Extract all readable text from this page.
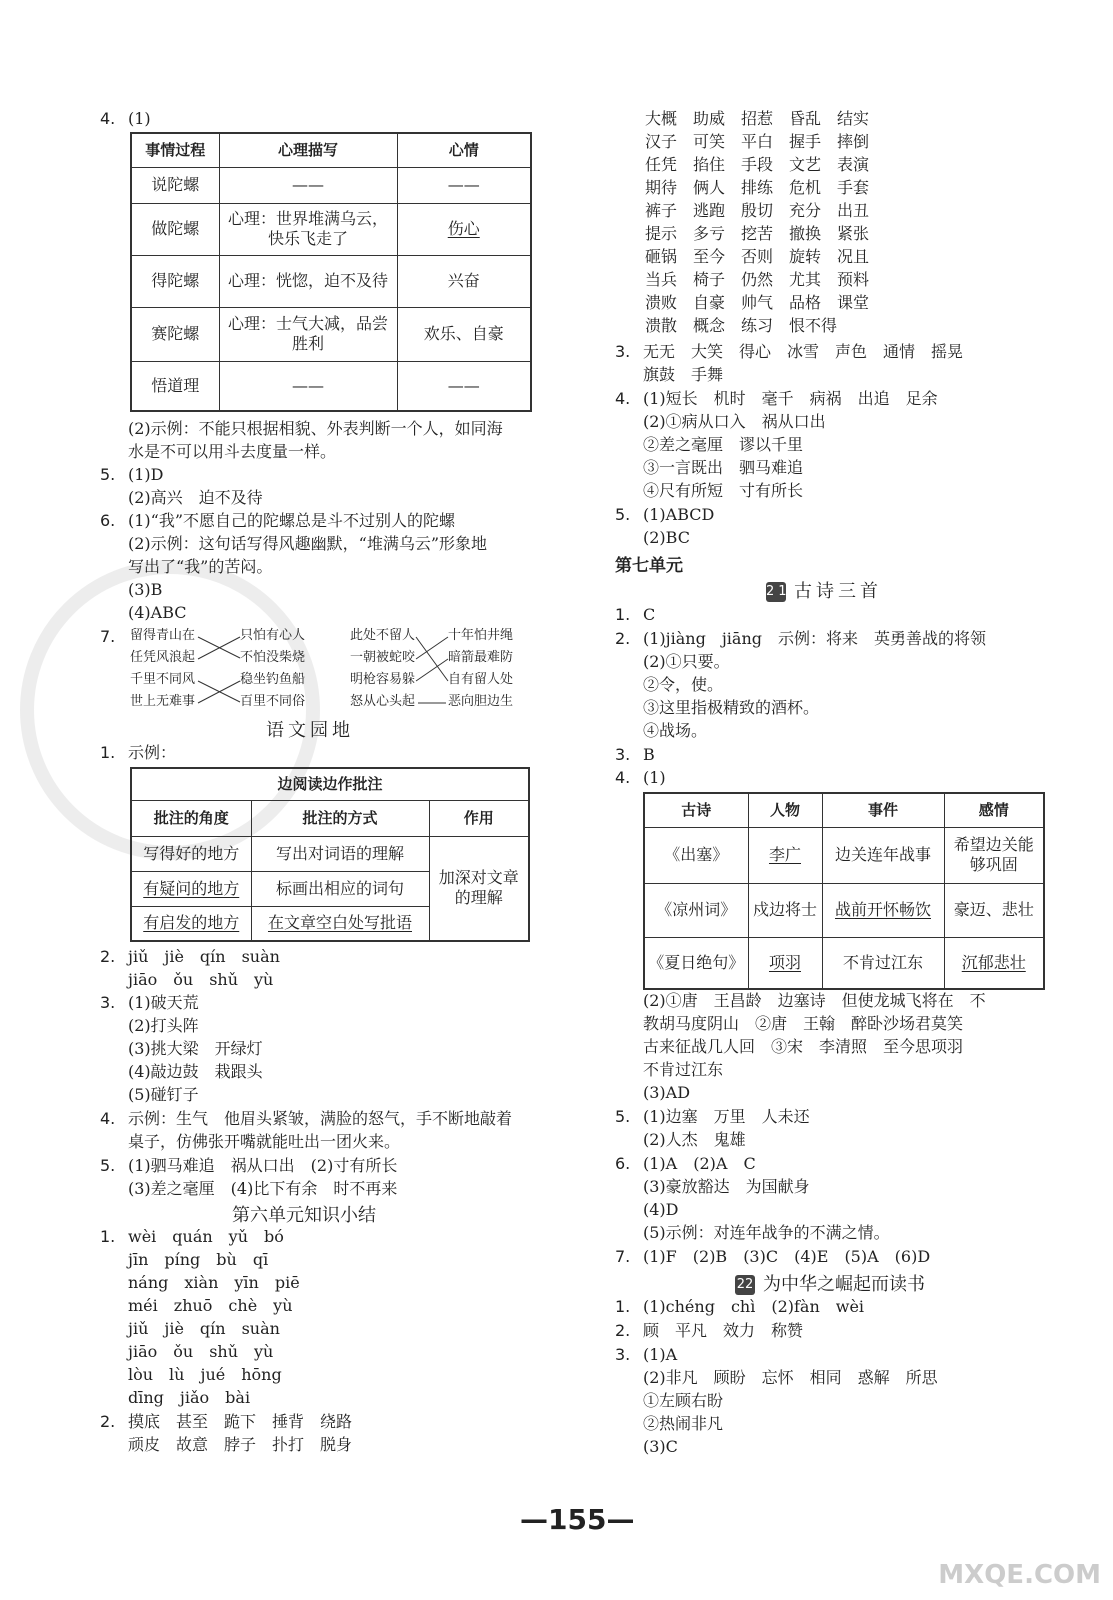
4. (1)
事情过程	心理描写	心情
说陀螺	——	——
做陀螺	心理：世界堆满乌云，快乐飞走了	伤心
得陀螺	心理：恍惚，迫不及待	兴奋
赛陀螺	心理：士气大减，品尝胜利	欢乐、自豪
悟道理	——	——
(2)示例：不能只根据相貌、外表判断一个人，如同海
水是不可以用斗去度量一样。
5. (1)D
(2)高兴　迫不及待
6. (1)“我”不愿自己的陀螺总是斗不过别人的陀螺
(2)示例：这句话写得风趣幽默，“堆满乌云”形象地
写出了“我”的苦闷。
(3)B
(4)ABC
7. 留得青山在
任凭风浪起
千里不同风
世上无难事
只怕有心人
不怕没柴烧
稳坐钓鱼船
百里不同俗
此处不留人
一朝被蛇咬
明枪容易躲
怒从心头起
十年怕井绳
暗箭最难防
自有留人处
恶向胆边生
语文园地
1. 示例：
边阅读边作批注		
批注的角度	批注的方式	作用
写得好的地方	写出对词语的理解	加深对文章的理解
有疑问的地方	标画出相应的词句	
有启发的地方	在文章空白处写批语	
2. jiǔ　jiè　qín　suàn
jiāo　ǒu　shǔ　yù
3. (1)破天荒
(2)打头阵
(3)挑大梁　开绿灯
(4)敲边鼓　栽跟头
(5)碰钉子
4. 示例：生气　他眉头紧皱，满脸的怒气，手不断地敲着
桌子，仿佛张开嘴就能吐出一团火来。
5. (1)驷马难追　祸从口出　(2)寸有所长
(3)差之毫厘　(4)比下有余　时不再来
第六单元知识小结
1. wèi　quán　yǔ　bó
jīn　píng　bù　qī
náng　xiàn　yīn　piē
méi　zhuō　chè　yù
jiǔ　jiè　qín　suàn
jiāo　ǒu　shǔ　yù
lòu　lù　jué　hōng
dīng　jiǎo　bài
2. 摸底　甚至　跪下　捶背　绕路
顽皮　故意　脖子　扑打　脱身
大概　助威　招惹　昏乱　结实
汉子　可笑　平白　握手　摔倒
任凭　掐住　手段　文艺　表演
期待　俩人　排练　危机　手套
裤子　逃跑　殷切　充分　出丑
提示　多亏　挖苦　撤换　紧张
砸锅　至今　否则　旋转　况且
当兵　椅子　仍然　尤其　预料
溃败　自豪　帅气　品格　课堂
溃散　概念　练习　恨不得
3. 无无　大笑　得心　冰雪　声色　通情　摇晃
旗鼓　手舞
4. (1)短长　机时　毫千　病祸　出追　足余
(2)①病从口入　祸从口出
②差之毫厘　谬以千里
③一言既出　驷马难追
④尺有所短　寸有所长
5. (1)ABCD
(2)BC
第七单元
21 古诗三首
1. C
2. (1)jiàng　jiāng　示例：将来　英勇善战的将领
(2)①只要。
②令，使。
③这里指极精致的酒杯。
④战场。
3. B
4. (1)
古诗	人物	事件	感情
《出塞》	李广	边关连年战事	希望边关能够巩固
《凉州词》	戍边将士	战前开怀畅饮	豪迈、悲壮
《夏日绝句》	项羽	不肯过江东	沉郁悲壮
(2)①唐　王昌龄　边塞诗　但使龙城飞将在　不
教胡马度阴山　②唐　王翰　醉卧沙场君莫笑
古来征战几人回　③宋　李清照　至今思项羽
不肯过江东
(3)AD
5. (1)边塞　万里　人未还
(2)人杰　鬼雄
6. (1)A　(2)A　C
(3)豪放豁达　为国献身
(4)D
(5)示例：对连年战争的不满之情。
7. (1)F　(2)B　(3)C　(4)E　(5)A　(6)D
22 为中华之崛起而读书
1. (1)chéng　chì　(2)fàn　wèi
2. 顾　平凡　效力　称赞
3. (1)A
(2)非凡　顾盼　忘怀　相同　惑解　所思
①左顾右盼
②热闹非凡
(3)C
—155—
MXQE.COM
